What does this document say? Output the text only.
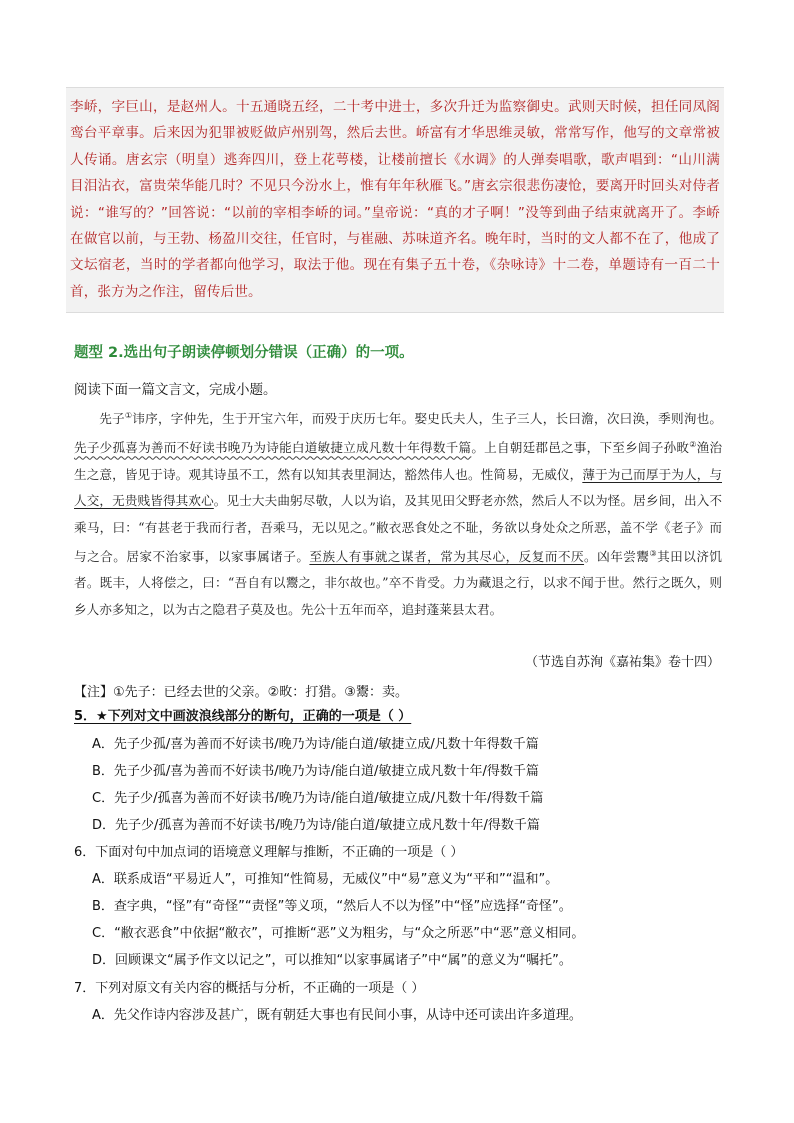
李峤，字巨山，是赵州人。十五通晓五经，二十考中进士，多次升迁为监察御史。武则天时候，担任同凤阁鸾台平章事。后来因为犯罪被贬做庐州别驾，然后去世。峤富有才华思维灵敏，常常写作，他写的文章常被人传诵。唐玄宗（明皇）逃奔四川，登上花萼楼，让楼前擅长《水调》的人弹奏唱歌，歌声唱到：“山川满目泪沾衣，富贵荣华能几时？不见只今汾水上，惟有年年秋雁飞。”唐玄宗很悲伤凄怆，要离开时回头对侍者说：“谁写的？”回答说：“以前的宰相李峤的词。”皇帝说：“真的才子啊！”没等到曲子结束就离开了。李峤在做官以前，与王勃、杨盈川交往，任官时，与崔融、苏味道齐名。晚年时，当时的文人都不在了，他成了文坛宿老，当时的学者都向他学习，取法于他。现在有集子五十卷，《杂咏诗》十二卷，单题诗有一百二十首，张方为之作注，留传后世。

题型 2.选出句子朗读停顿划分错误（正确）的一项。
阅读下面一篇文言文，完成小题。

先子①讳序，字仲先，生于开宝六年，而殁于庆历七年。娶史氏夫人，生子三人，长曰澹，次曰涣，季则洵也。先子少孤喜为善而不好读书晚乃为诗能白道敏捷立成凡数十年得数千篇。上自朝廷郡邑之事，下至乡闾子孙畋②渔治生之意，皆见于诗。观其诗虽不工，然有以知其表里洞达，豁然伟人也。性简易，无威仪，薄于为己而厚于为人，与人交，无贵贱皆得其欢心。见士大夫曲躬尽敬，人以为谄，及其见田父野老亦然，然后人不以为怪。居乡间，出入不乘马，曰：“有甚老于我而行者，吾乘马，无以见之。”敝衣恶食处之不耻，务欲以身处众之所恶，盖不学《老子》而与之合。居家不治家事，以家事属诸子。至族人有事就之谋者，常为其尽心，反复而不厌。凶年尝鬻③其田以济饥者。既丰，人将偿之，曰：“吾自有以鬻之，非尔故也。”卒不肯受。力为藏退之行，以求不闻于世。然行之既久，则乡人亦多知之，以为古之隐君子莫及也。先公十五年而卒，追封蓬莱县太君。

（节选自苏洵《嘉祐集》卷十四）
【注】①先子：已经去世的父亲。②畋：打猎。③鬻：卖。
5．★下列对文中画波浪线部分的断句，正确的一项是（ ）
A．先子少孤/喜为善而不好读书/晚乃为诗/能白道/敏捷立成/凡数十年得数千篇
B．先子少孤/喜为善而不好读书/晚乃为诗/能白道/敏捷立成凡数十年/得数千篇
C．先子少/孤喜为善而不好读书/晚乃为诗/能白道/敏捷立成/凡数十年/得数千篇
D．先子少/孤喜为善而不好读书/晚乃为诗/能白道/敏捷立成凡数十年/得数千篇
6．下面对句中加点词的语境意义理解与推断，不正确的一项是（ ）
A．联系成语“平易近人”，可推知“性简易，无威仪”中“易”意义为“平和”“温和”。
B．查字典，“怪”有“奇怪”“责怪”等义项，“然后人不以为怪”中“怪”应选择“奇怪”。
C．“敝衣恶食”中依据“敝衣”，可推断“恶”义为粗劣，与“众之所恶”中“恶”意义相同。
D．回顾课文“属予作文以记之”，可以推知“以家事属诸子”中“属”的意义为“嘱托”。
7．下列对原文有关内容的概括与分析，不正确的一项是（ ）
A．先父作诗内容涉及甚广，既有朝廷大事也有民间小事，从诗中还可读出许多道理。
